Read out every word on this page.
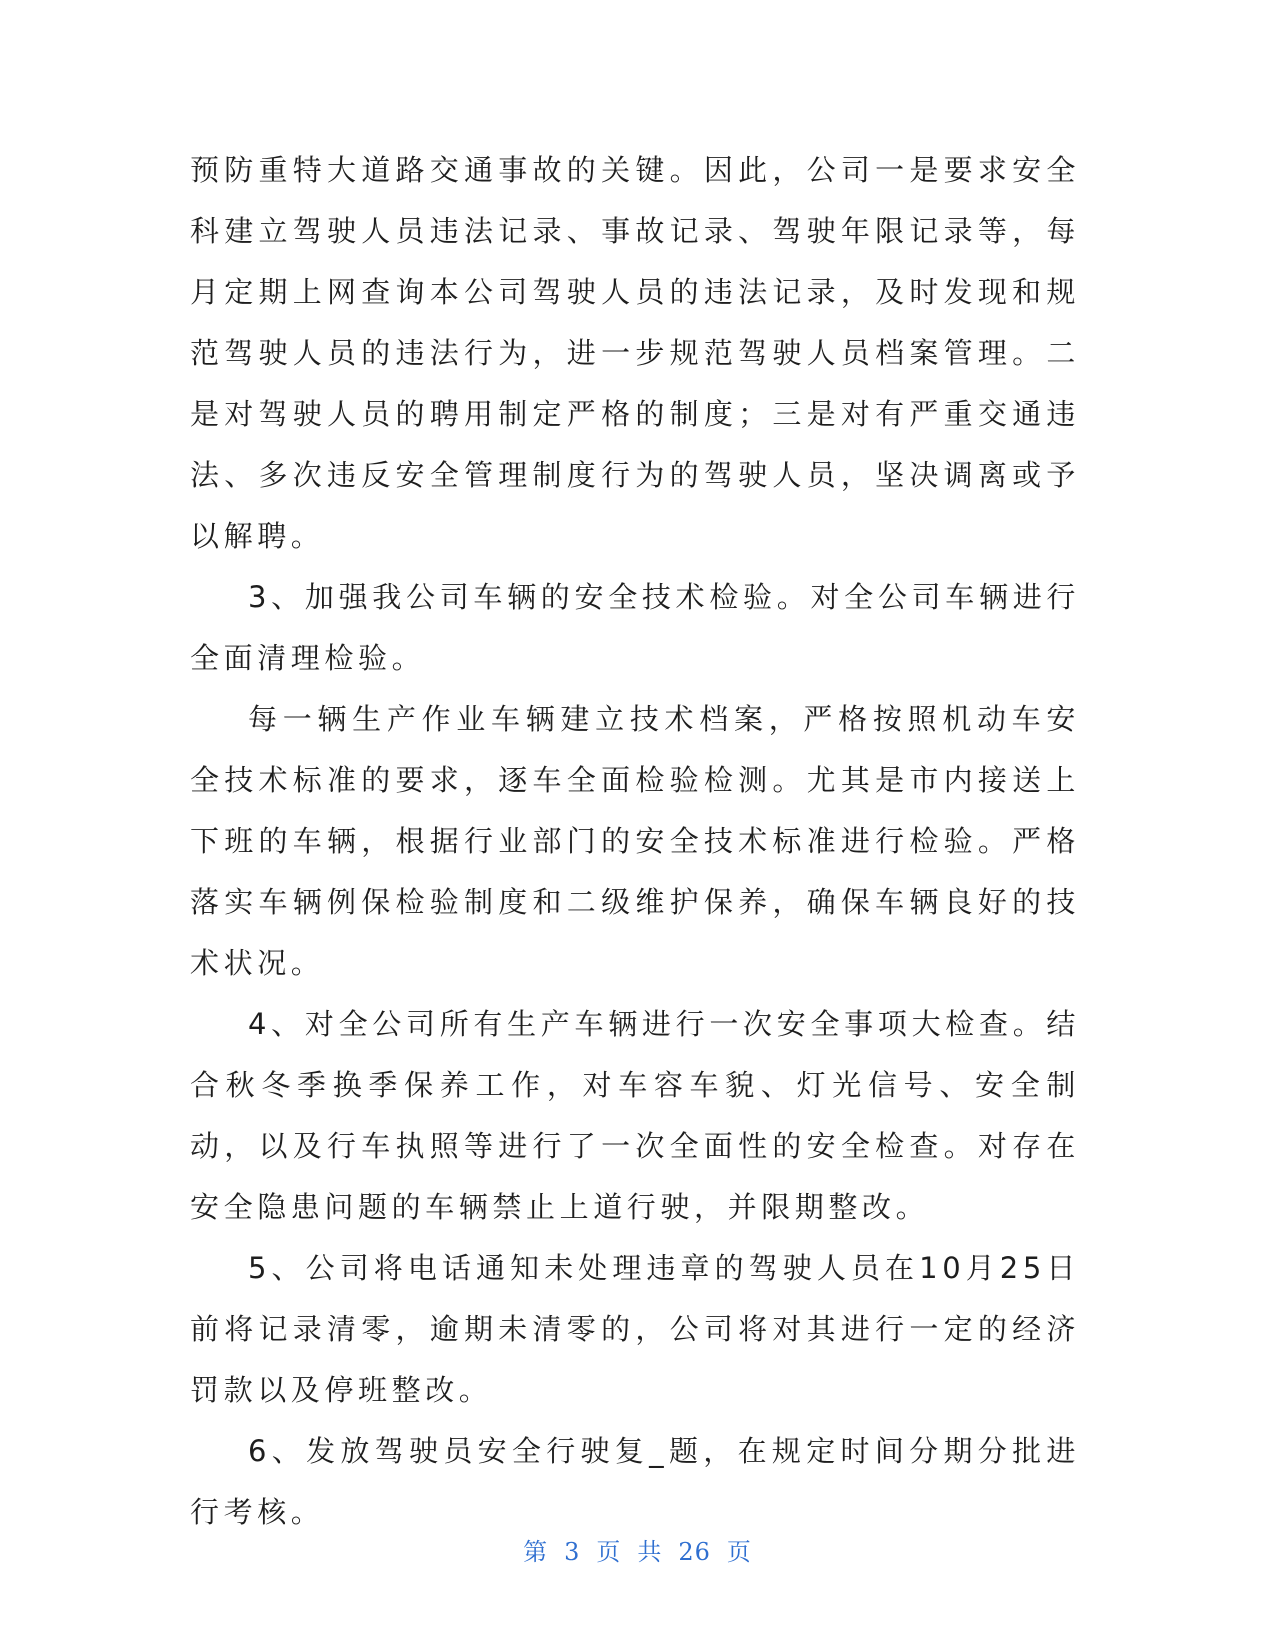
预防重特大道路交通事故的关键。因此，公司一是要求安全科建立驾驶人员违法记录、事故记录、驾驶年限记录等，每月定期上网查询本公司驾驶人员的违法记录，及时发现和规范驾驶人员的违法行为，进一步规范驾驶人员档案管理。二是对驾驶人员的聘用制定严格的制度；三是对有严重交通违法、多次违反安全管理制度行为的驾驶人员，坚决调离或予以解聘。

3、加强我公司车辆的安全技术检验。对全公司车辆进行全面清理检验。

每一辆生产作业车辆建立技术档案，严格按照机动车安全技术标准的要求，逐车全面检验检测。尤其是市内接送上下班的车辆，根据行业部门的安全技术标准进行检验。严格落实车辆例保检验制度和二级维护保养，确保车辆良好的技术状况。

4、对全公司所有生产车辆进行一次安全事项大检查。结合秋冬季换季保养工作，对车容车貌、灯光信号、安全制动，以及行车执照等进行了一次全面性的安全检查。对存在安全隐患问题的车辆禁止上道行驶，并限期整改。

5、公司将电话通知未处理违章的驾驶人员在10月25日前将记录清零，逾期未清零的，公司将对其进行一定的经济罚款以及停班整改。

6、发放驾驶员安全行驶复_题，在规定时间分期分批进行考核。

第 3 页 共 26 页
